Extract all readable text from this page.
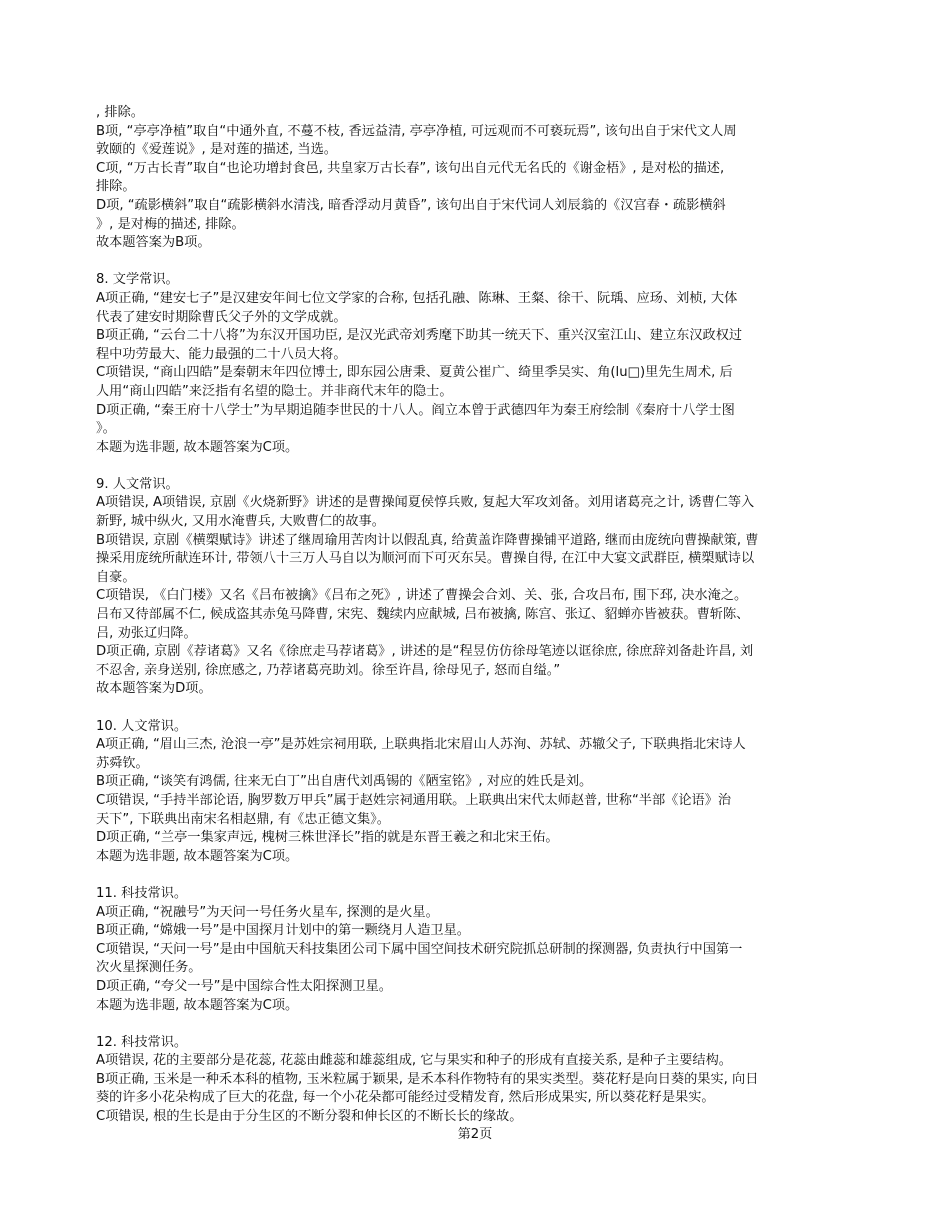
, 排除。
B项, “亭亭净植”取自“中通外直, 不蔓不枝, 香远益清, 亭亭净植, 可远观而不可亵玩焉”, 该句出自于宋代文人周
敦颐的《爱莲说》, 是对莲的描述, 当选。
C项, “万古长青”取自“也论功增封食邑, 共皇家万古长春”, 该句出自元代无名氏的《谢金梧》, 是对松的描述,
排除。
D项, “疏影横斜”取自“疏影横斜水清浅, 暗香浮动月黄昏”, 该句出自于宋代词人刘辰翁的《汉宫春・疏影横斜
》, 是对梅的描述, 排除。
故本题答案为B项。
8. 文学常识。
A项正确, “建安七子”是汉建安年间七位文学家的合称, 包括孔融、陈琳、王粲、徐干、阮瑀、应玚、刘桢, 大体
代表了建安时期除曹氏父子外的文学成就。
B项正确, “云台二十八将”为东汉开国功臣, 是汉光武帝刘秀麾下助其一统天下、重兴汉室江山、建立东汉政权过
程中功劳最大、能力最强的二十八员大将。
C项错误, “商山四皓”是秦朝末年四位博士, 即东园公唐秉、夏黄公崔广、绮里季吴实、角(lu□)里先生周术, 后
人用“商山四皓”来泛指有名望的隐士。并非商代末年的隐士。
D项正确, “秦王府十八学士”为早期追随李世民的十八人。阎立本曾于武德四年为秦王府绘制《秦府十八学士图
》。
本题为选非题, 故本题答案为C项。
9. 人文常识。
A项错误, A项错误, 京剧《火烧新野》讲述的是曹操闻夏侯惇兵败, 复起大军攻刘备。刘用诸葛亮之计, 诱曹仁等入
新野, 城中纵火, 又用水淹曹兵, 大败曹仁的故事。
B项错误, 京剧《横槊赋诗》讲述了继周瑜用苦肉计以假乱真, 给黄盖诈降曹操铺平道路, 继而由庞统向曹操献策, 曹
操采用庞统所献连环计, 带领八十三万人马自以为顺河而下可灭东吴。曹操自得, 在江中大宴文武群臣, 横槊赋诗以
自豪。
C项错误, 《白门楼》又名《吕布被擒》《吕布之死》, 讲述了曹操会合刘、关、张, 合攻吕布, 围下邳, 决水淹之。
吕布又待部属不仁, 候成盗其赤兔马降曹, 宋宪、魏续内应献城, 吕布被擒, 陈宫、张辽、貂蝉亦皆被获。曹斩陈、
吕, 劝张辽归降。
D项正确, 京剧《荐诸葛》又名《徐庶走马荐诸葛》, 讲述的是“程昱仿仿徐母笔迹以诓徐庶, 徐庶辞刘备赴许昌, 刘
不忍舍, 亲身送别, 徐庶感之, 乃荐诸葛亮助刘。徐至许昌, 徐母见子, 怒而自缢。”
故本题答案为D项。
10. 人文常识。
A项正确, “眉山三杰, 沧浪一亭”是苏姓宗祠用联, 上联典指北宋眉山人苏洵、苏轼、苏辙父子, 下联典指北宋诗人
苏舜钦。
B项正确, “谈笑有鸿儒, 往来无白丁”出自唐代刘禹锡的《陋室铭》, 对应的姓氏是刘。
C项错误, “手持半部论语, 胸罗数万甲兵”属于赵姓宗祠通用联。上联典出宋代太师赵普, 世称“半部《论语》治
天下”, 下联典出南宋名相赵鼎, 有《忠正德文集》。
D项正确, “兰亭一集家声远, 槐树三株世泽长”指的就是东晋王羲之和北宋王佑。
本题为选非题, 故本题答案为C项。
11. 科技常识。
A项正确, “祝融号”为天问一号任务火星车, 探测的是火星。
B项正确, “嫦娥一号”是中国探月计划中的第一颗绕月人造卫星。
C项错误, “天问一号”是由中国航天科技集团公司下属中国空间技术研究院抓总研制的探测器, 负责执行中国第一
次火星探测任务。
D项正确, “夸父一号”是中国综合性太阳探测卫星。
本题为选非题, 故本题答案为C项。
12. 科技常识。
A项错误, 花的主要部分是花蕊, 花蕊由雌蕊和雄蕊组成, 它与果实和种子的形成有直接关系, 是种子主要结构。
B项正确, 玉米是一种禾本科的植物, 玉米粒属于颖果, 是禾本科作物特有的果实类型。葵花籽是向日葵的果实, 向日
葵的许多小花朵构成了巨大的花盘, 每一个小花朵都可能经过受精发育, 然后形成果实, 所以葵花籽是果实。
C项错误, 根的生长是由于分生区的不断分裂和伸长区的不断长长的缘故。
第2页
